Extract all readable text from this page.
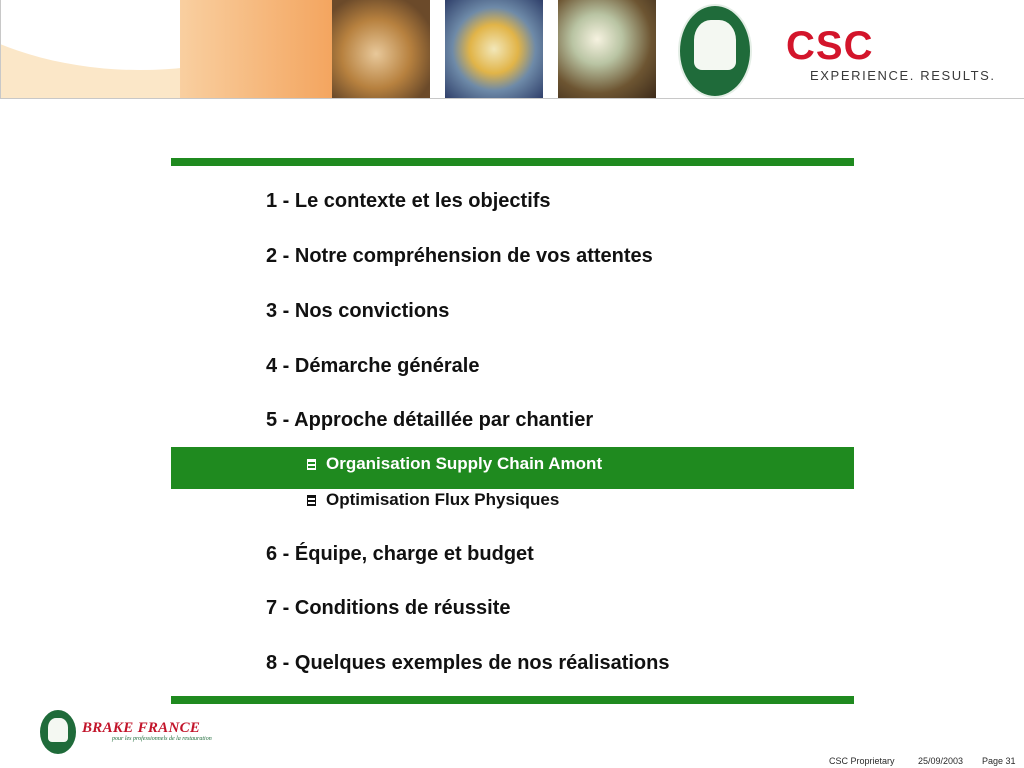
CSC
EXPERIENCE. RESULTS.
1 - Le contexte et les objectifs
2 - Notre compréhension de vos attentes
3 - Nos convictions
4 - Démarche générale
5 - Approche détaillée par chantier
Organisation Supply Chain Amont
Optimisation Flux Physiques
6 - Équipe, charge et budget
7 - Conditions de réussite
8 - Quelques exemples de nos réalisations
BRAKE FRANCE
pour les professionnels de la restauration
CSC Proprietary	25/09/2003 Page 31
